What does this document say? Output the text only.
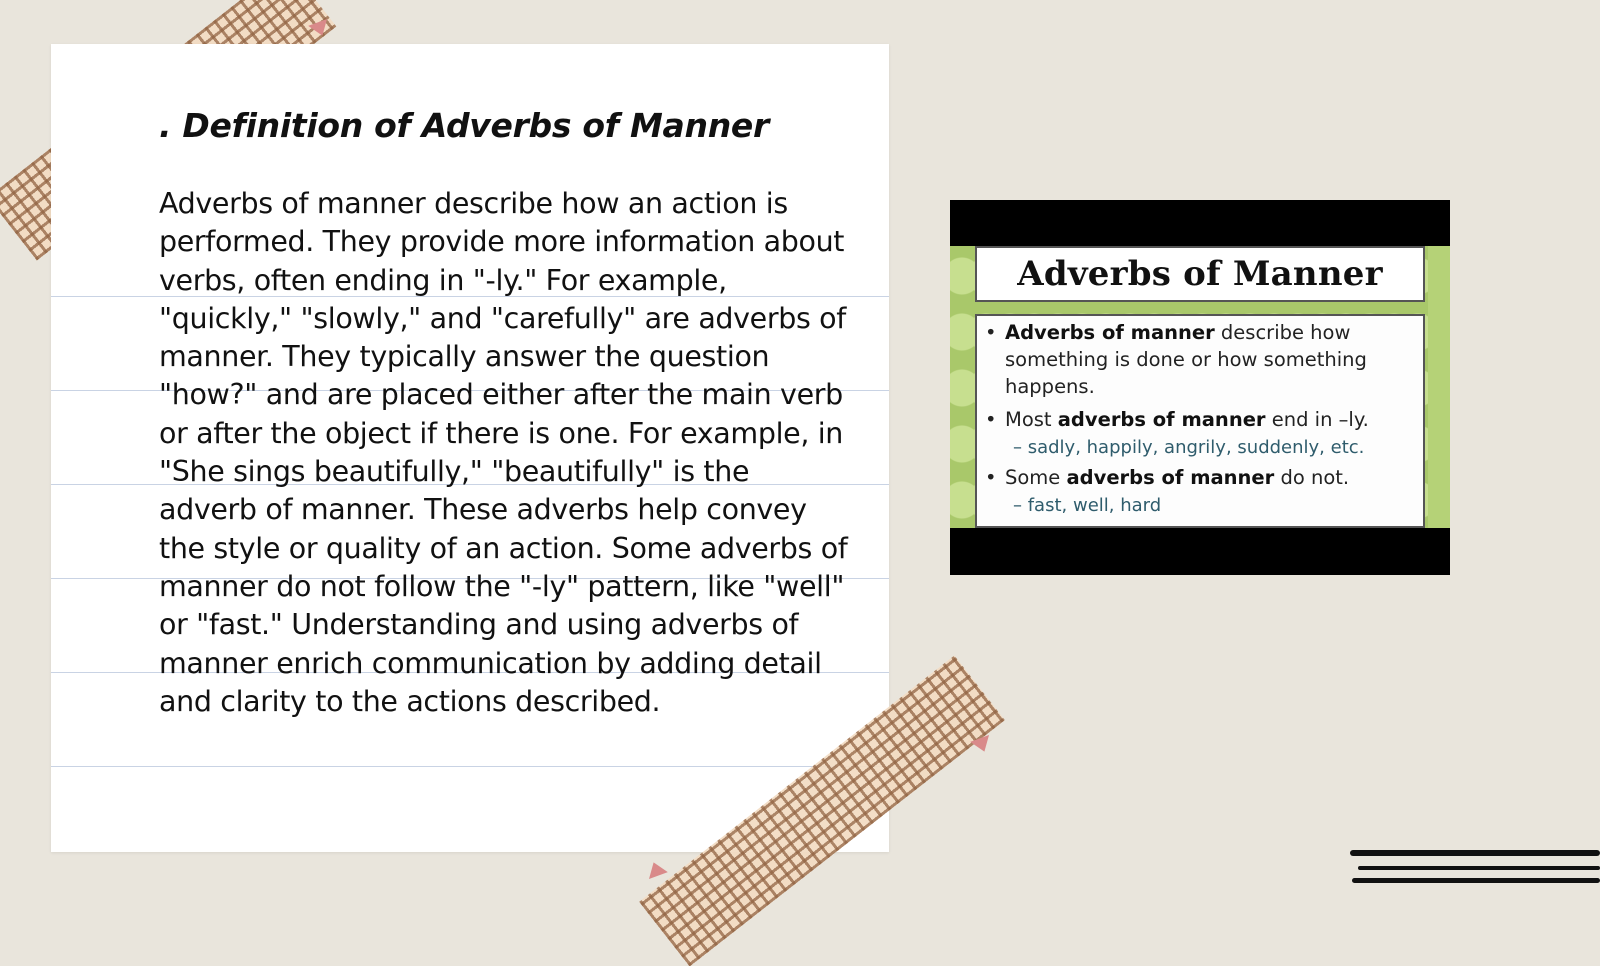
. Definition of Adverbs of Manner

Adverbs of manner describe how an action is performed. They provide more information about verbs, often ending in "-ly." For example, "quickly," "slowly," and "carefully" are adverbs of manner. They typically answer the question "how?" and are placed either after the main verb or after the object if there is one. For example, in "She sings beautifully," "beautifully" is the adverb of manner. These adverbs help convey the style or quality of an action. Some adverbs of manner do not follow the "-ly" pattern, like "well" or "fast." Understanding and using adverbs of manner enrich communication by adding detail and clarity to the actions described.

Adverbs of Manner
• Adverbs of manner describe how something is done or how something happens.
• Most adverbs of manner end in –ly.
– sadly, happily, angrily, suddenly, etc.
• Some adverbs of manner do not.
– fast, well, hard
